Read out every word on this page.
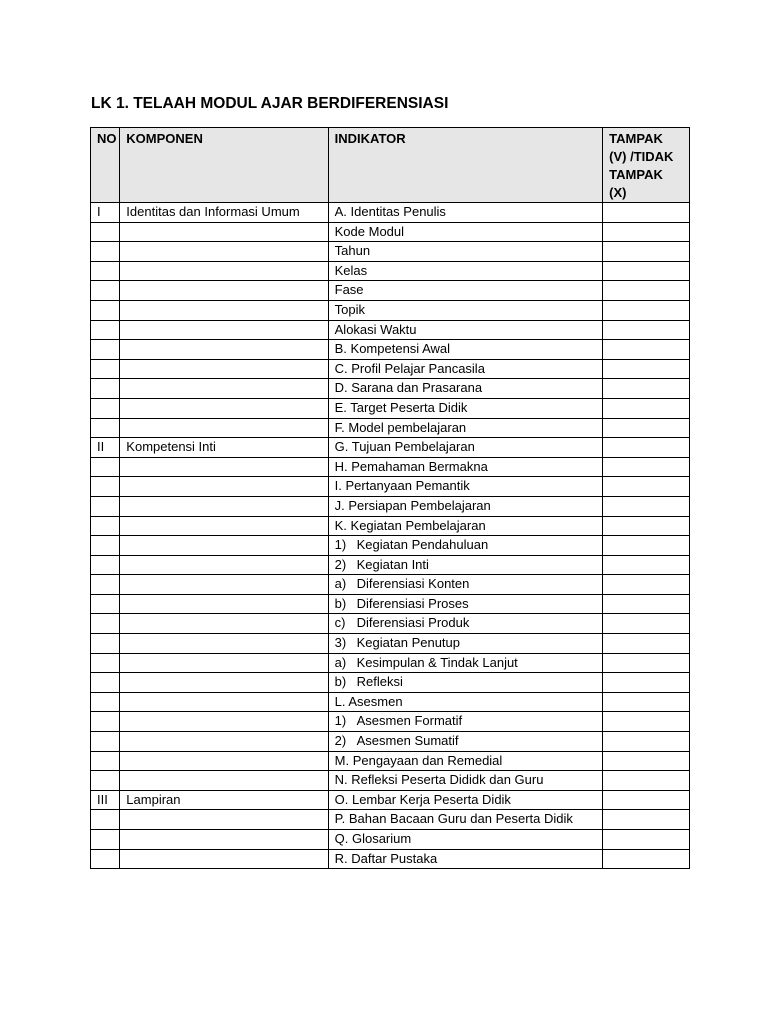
LK 1. TELAAH MODUL AJAR BERDIFERENSIASI
NO	KOMPONEN	INDIKATOR	TAMPAK (V) /TIDAK TAMPAK (X)
I	Identitas dan Informasi Umum	A. Identitas Penulis	
		Kode Modul	
		Tahun	
		Kelas	
		Fase	
		Topik	
		Alokasi Waktu	
		B. Kompetensi Awal	
		C. Profil Pelajar Pancasila	
		D. Sarana dan Prasarana	
		E. Target Peserta Didik	
		F. Model pembelajaran	
II	Kompetensi Inti	G. Tujuan Pembelajaran	
		H. Pemahaman Bermakna	
		I. Pertanyaan Pemantik	
		J. Persiapan Pembelajaran	
		K. Kegiatan Pembelajaran	
		1) Kegiatan Pendahuluan	
		2) Kegiatan Inti	
		a) Diferensiasi Konten	
		b) Diferensiasi Proses	
		c) Diferensiasi Produk	
		3) Kegiatan Penutup	
		a) Kesimpulan & Tindak Lanjut	
		b) Refleksi	
		L. Asesmen	
		1) Asesmen Formatif	
		2) Asesmen Sumatif	
		M. Pengayaan dan Remedial	
		N. Refleksi Peserta Dididk dan Guru	
III	Lampiran	O. Lembar Kerja Peserta Didik	
		P. Bahan Bacaan Guru dan Peserta Didik	
		Q. Glosarium	
		R. Daftar Pustaka	
